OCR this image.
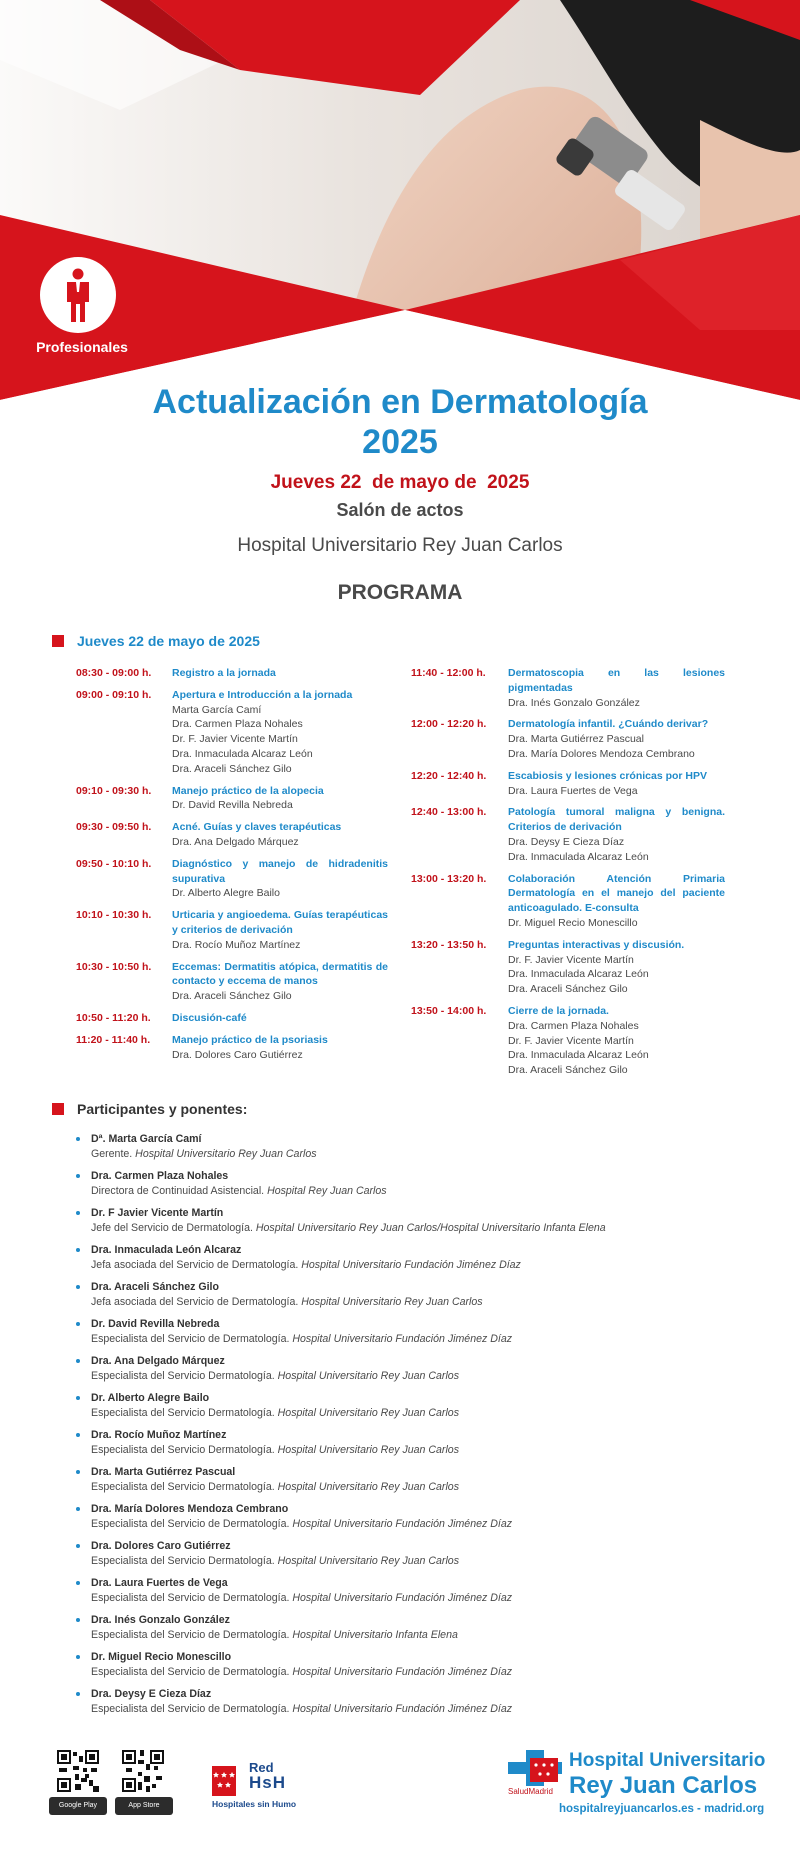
Profesionales
Actualización en Dermatología
2025
Jueves 22  de mayo de  2025
Salón de actos
Hospital Universitario Rey Juan Carlos
PROGRAMA
Jueves 22 de mayo de 2025
08:30 - 09:00 h.	Registro a la jornada
09:00 - 09:10 h.	Apertura e Introducción a la jornada
Marta García Camí
Dra. Carmen Plaza Nohales
Dr. F. Javier Vicente Martín
Dra. Inmaculada Alcaraz León
Dra. Araceli Sánchez Gilo
09:10 - 09:30 h.	Manejo práctico de la alopecia
Dr. David Revilla Nebreda
09:30 - 09:50 h.	Acné. Guías y claves terapéuticas
Dra. Ana Delgado Márquez
09:50 - 10:10 h.	Diagnóstico y manejo de hidradenitis supurativa
Dr. Alberto Alegre Bailo
10:10 - 10:30 h.	Urticaria y angioedema. Guías terapéuticas y criterios de derivación
Dra. Rocío Muñoz Martínez
10:30 - 10:50 h.	Eccemas: Dermatitis atópica, dermatitis de contacto y eccema de manos
Dra. Araceli Sánchez Gilo
10:50 - 11:20 h.	Discusión-café
11:20 - 11:40 h.	Manejo práctico de la psoriasis
Dra. Dolores Caro Gutiérrez
11:40 - 12:00 h.	Dermatoscopia en las lesiones pigmentadas
Dra. Inés Gonzalo González
12:00 - 12:20 h.	Dermatología infantil. ¿Cuándo derivar?
Dra. Marta Gutiérrez Pascual
Dra. María Dolores Mendoza Cembrano
12:20 - 12:40 h.	Escabiosis y lesiones crónicas por HPV
Dra. Laura Fuertes de Vega
12:40 - 13:00 h.	Patología tumoral maligna y benigna. Criterios de derivación
Dra. Deysy E Cieza Díaz
Dra. Inmaculada Alcaraz León
13:00 - 13:20 h.	Colaboración Atención Primaria Dermatología en el manejo del paciente anticoagulado. E-consulta
Dr. Miguel Recio Monescillo
13:20 - 13:50 h.	Preguntas interactivas y discusión.
Dr. F. Javier Vicente Martín
Dra. Inmaculada Alcaraz León
Dra. Araceli Sánchez Gilo
13:50 - 14:00 h.	Cierre de la jornada.
Dra. Carmen Plaza Nohales
Dr. F. Javier Vicente Martín
Dra. Inmaculada Alcaraz León
Dra. Araceli Sánchez Gilo
Participantes y ponentes:
Dª. Marta García Camí
Gerente. Hospital Universitario Rey Juan Carlos
Dra. Carmen Plaza Nohales
Directora de Continuidad Asistencial. Hospital Rey Juan Carlos
Dr. F Javier Vicente Martín
Jefe del Servicio de Dermatología. Hospital Universitario Rey Juan Carlos/Hospital Universitario Infanta Elena
Dra. Inmaculada León Alcaraz
Jefa asociada del Servicio de Dermatología. Hospital Universitario Fundación Jiménez Díaz
Dra. Araceli Sánchez Gilo
Jefa asociada del Servicio de Dermatología. Hospital Universitario Rey Juan Carlos
Dr. David Revilla Nebreda
Especialista del Servicio de Dermatología. Hospital Universitario Fundación Jiménez Díaz
Dra. Ana Delgado Márquez
Especialista del Servicio Dermatología. Hospital Universitario Rey Juan Carlos
Dr. Alberto Alegre Bailo
Especialista del Servicio Dermatología. Hospital Universitario Rey Juan Carlos
Dra. Rocío Muñoz Martínez
Especialista del Servicio Dermatología. Hospital Universitario Rey Juan Carlos
Dra. Marta Gutiérrez Pascual
Especialista del Servicio Dermatología. Hospital Universitario Rey Juan Carlos
Dra. María Dolores Mendoza Cembrano
Especialista del Servicio de Dermatología. Hospital Universitario Fundación Jiménez Díaz
Dra. Dolores Caro Gutiérrez
Especialista del Servicio Dermatología. Hospital Universitario Rey Juan Carlos
Dra. Laura Fuertes de Vega
Especialista del Servicio de Dermatología. Hospital Universitario Fundación Jiménez Díaz
Dra. Inés Gonzalo González
Especialista del Servicio de Dermatología. Hospital Universitario Infanta Elena
Dr. Miguel Recio Monescillo
Especialista del Servicio de Dermatología. Hospital Universitario Fundación Jiménez Díaz
Dra. Deysy E Cieza Díaz
Especialista del Servicio de Dermatología. Hospital Universitario Fundación Jiménez Díaz
Google Play	App Store
Red
HsH
Hospitales sin Humo
SaludMadrid
Hospital Universitario
Rey Juan Carlos
hospitalreyjuancarlos.es - madrid.org
